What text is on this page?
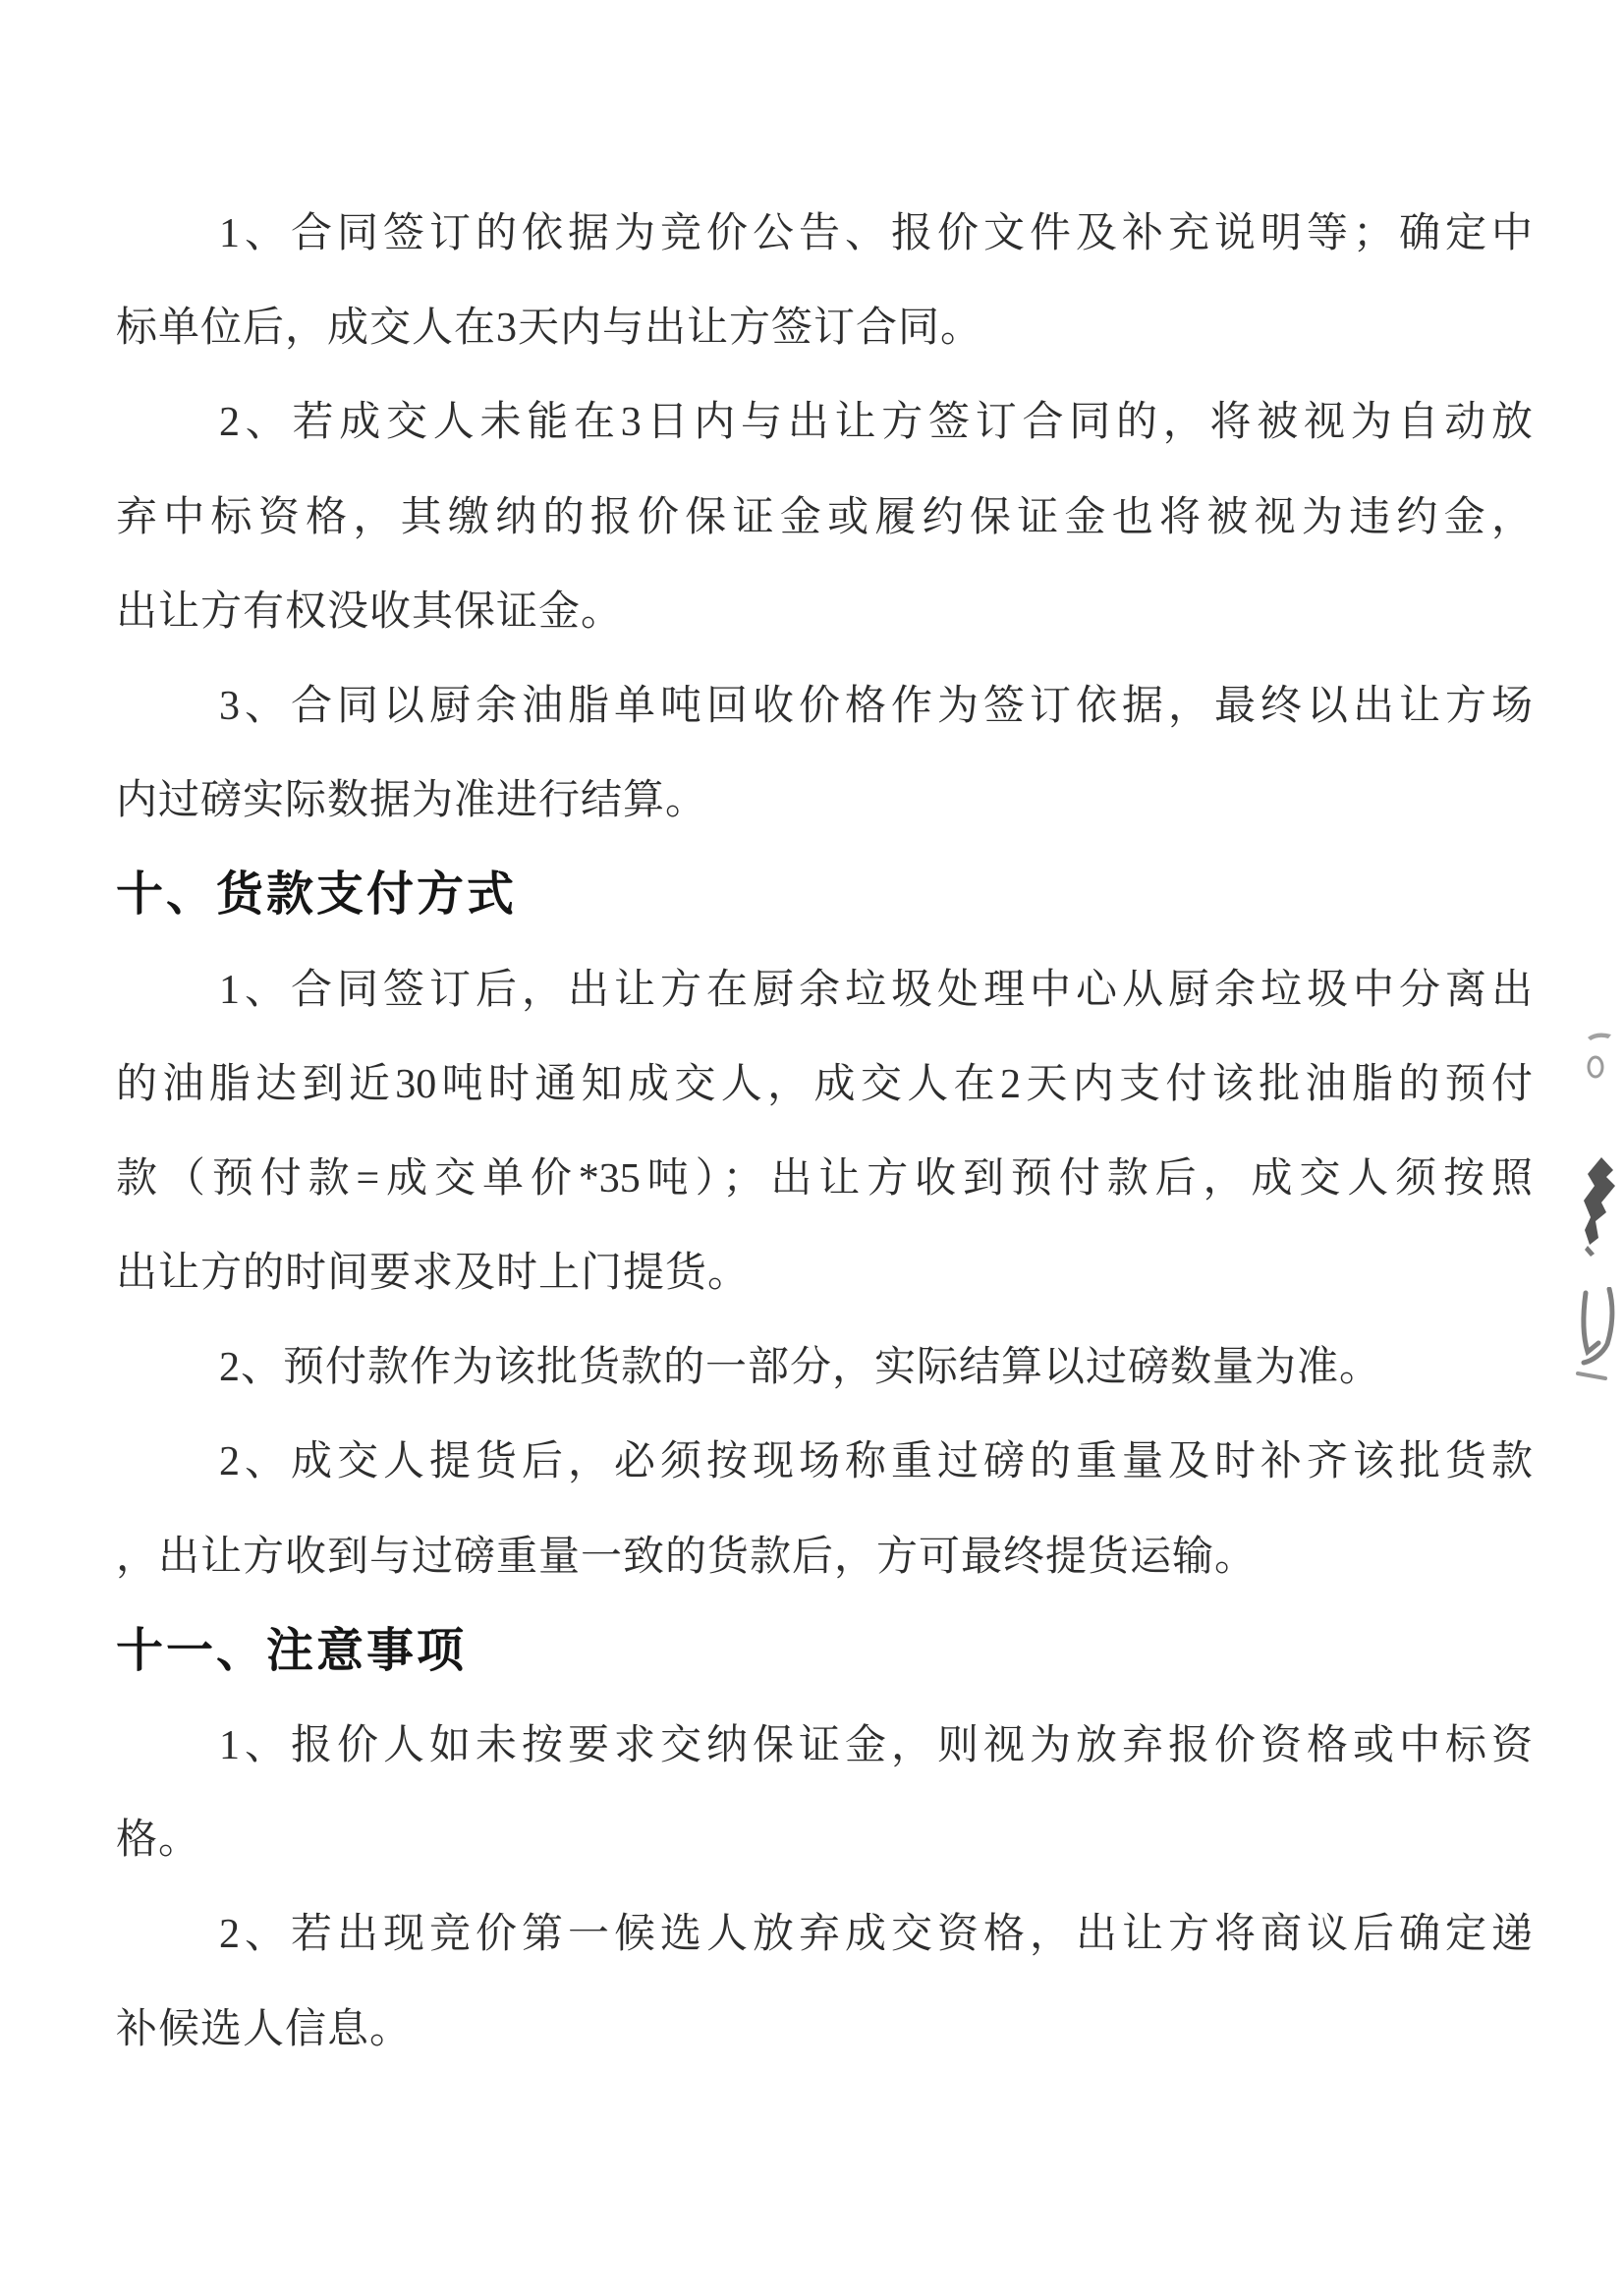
1、合同签订的依据为竞价公告、报价文件及补充说明等；确定中
标单位后，成交人在3天内与出让方签订合同。
2、若成交人未能在3日内与出让方签订合同的，将被视为自动放
弃中标资格，其缴纳的报价保证金或履约保证金也将被视为违约金，
出让方有权没收其保证金。
3、合同以厨余油脂单吨回收价格作为签订依据，最终以出让方场
内过磅实际数据为准进行结算。
十、货款支付方式
1、合同签订后，出让方在厨余垃圾处理中心从厨余垃圾中分离出
的油脂达到近30吨时通知成交人，成交人在2天内支付该批油脂的预付
款（预付款=成交单价*35吨）；出让方收到预付款后，成交人须按照
出让方的时间要求及时上门提货。
2、预付款作为该批货款的一部分，实际结算以过磅数量为准。
2、成交人提货后，必须按现场称重过磅的重量及时补齐该批货款
，出让方收到与过磅重量一致的货款后，方可最终提货运输。
十一、注意事项
1、报价人如未按要求交纳保证金，则视为放弃报价资格或中标资
格。
2、若出现竞价第一候选人放弃成交资格，出让方将商议后确定递
补候选人信息。
